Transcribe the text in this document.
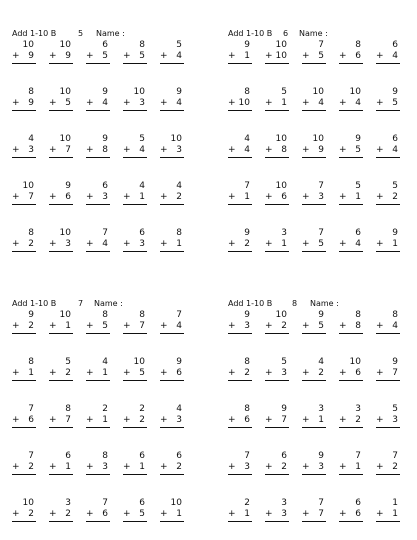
Add 1-10 B	5 Name :
10
+ 9
10
+ 9
6
+ 5
8
+ 5
5
+ 4
8
+ 9
10
+ 5
9
+ 4
10
+ 3
9
+ 4
4
+ 3
10
+ 7
9
+ 8
5
+ 4
10
+ 3
10
+ 7
9
+ 6
6
+ 3
4
+ 1
4
+ 2
8
+ 2
10
+ 3
7
+ 4
6
+ 3
8
+ 1
Add 1-10 B 6 Name :
9
+ 1
10
+ 10
7
+ 5
8
+ 6
6
+ 4
8
+ 10
5
+ 1
10
+ 4
10
+ 4
9
+ 5
4
+ 4
10
+ 8
10
+ 9
9
+ 5
6
+ 4
7
+ 1
10
+ 6
7
+ 3
5
+ 1
5
+ 2
9
+ 2
3
+ 1
7
+ 5
6
+ 4
9
+ 1
Add 1-10 B	7 Name :
9
+ 2
10
+ 1
8
+ 5
8
+ 7
7
+ 4
8
+ 1
5
+ 2
4
+ 1
10
+ 5
9
+ 6
7
+ 6
8
+ 7
2
+ 1
2
+ 2
4
+ 3
7
+ 2
6
+ 1
8
+ 3
6
+ 1
6
+ 2
10
+ 2
3
+ 2
7
+ 6
6
+ 5
10
+ 1
Add 1-10 B 8 Name :
9
+ 3
10
+ 2
9
+ 5
8
+ 8
8
+ 4
8
+ 2
5
+ 3
4
+ 2
10
+ 6
9
+ 7
8
+ 6
9
+ 7
3
+ 1
3
+ 2
5
+ 3
7
+ 3
6
+ 2
9
+ 3
7
+ 1
7
+ 2
2
+ 1
3
+ 3
7
+ 7
6
+ 6
1
+ 1
